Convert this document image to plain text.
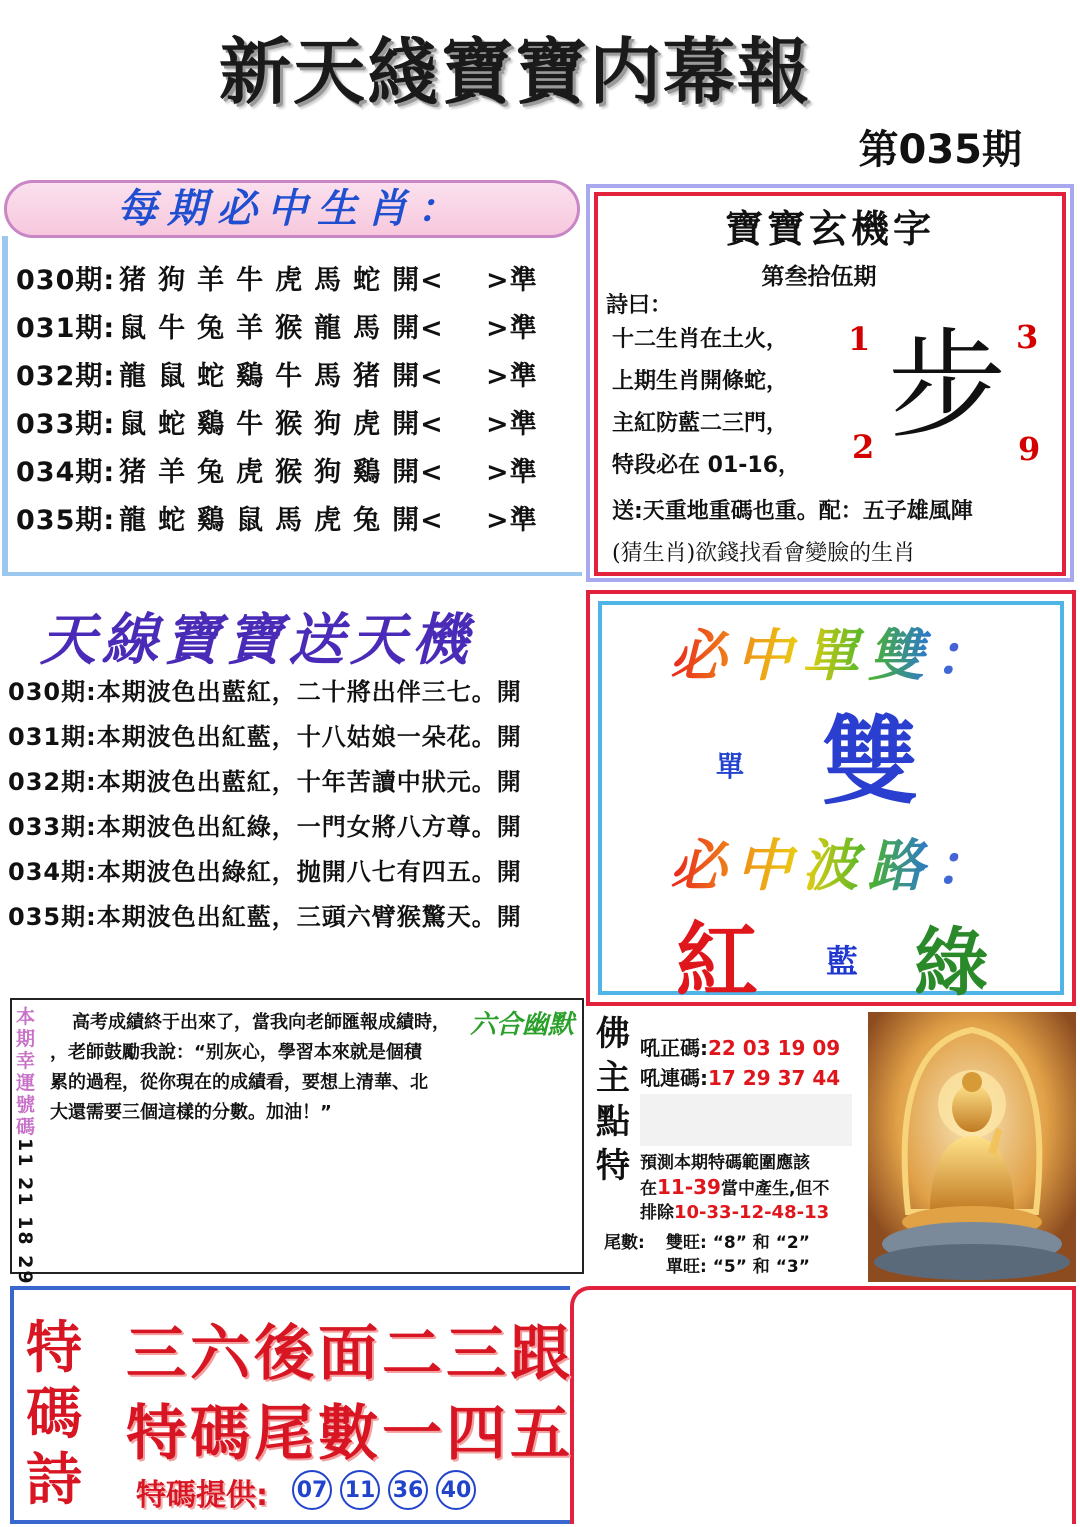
新天綫寶寶内幕報
第035期
每期必中生肖：
030期: 猪狗羊牛虎馬蛇開< >準
031期: 鼠牛兔羊猴龍馬開< >準
032期: 龍鼠蛇鷄牛馬猪開< >準
033期: 鼠蛇鷄牛猴狗虎開< >準
034期: 猪羊兔虎猴狗鷄開< >準
035期: 龍蛇鷄鼠馬虎兔開< >準
寶寶玄機字
第叁拾伍期
詩曰：
十二生肖在土火，
上期生肖開條蛇，
主紅防藍二三門，
特段必在 01-16，
1	3
2	9
步
送:天重地重碼也重。配：五子雄風陣
(猜生肖)欲錢找看會變臉的生肖
天線寶寶送天機
030期:本期波色出藍紅，二十將出伴三七。開
031期:本期波色出紅藍，十八姑娘一朵花。開
032期:本期波色出藍紅，十年苦讀中狀元。開
033期:本期波色出紅綠，一門女將八方尊。開
034期:本期波色出綠紅，抛開八七有四五。開
035期:本期波色出紅藍，三頭六臂猴驚天。開
必中單雙：
單 雙
必中波路：
紅 藍 綠
本期幸運號碼
11 21 18 29
高考成績終于出來了，當我向老師匯報成績時，
，老師鼓勵我說：“别灰心，學習本來就是個積
累的過程，從你現在的成績看，要想上清華、北
大還需要三個這樣的分數。加油！”
六合幽默 佛主點特
吼正碼:22 03 19 09
吼連碼:17 29 37 44
預測本期特碼範圍應該
在11-39當中產生,但不
排除10-33-12-48-13
尾數: 雙旺: “8” 和 “2”
單旺: “5” 和 “3”
特碼詩
三六後面二三跟
特碼尾數一四五
特碼提供: 07 11 36 40
